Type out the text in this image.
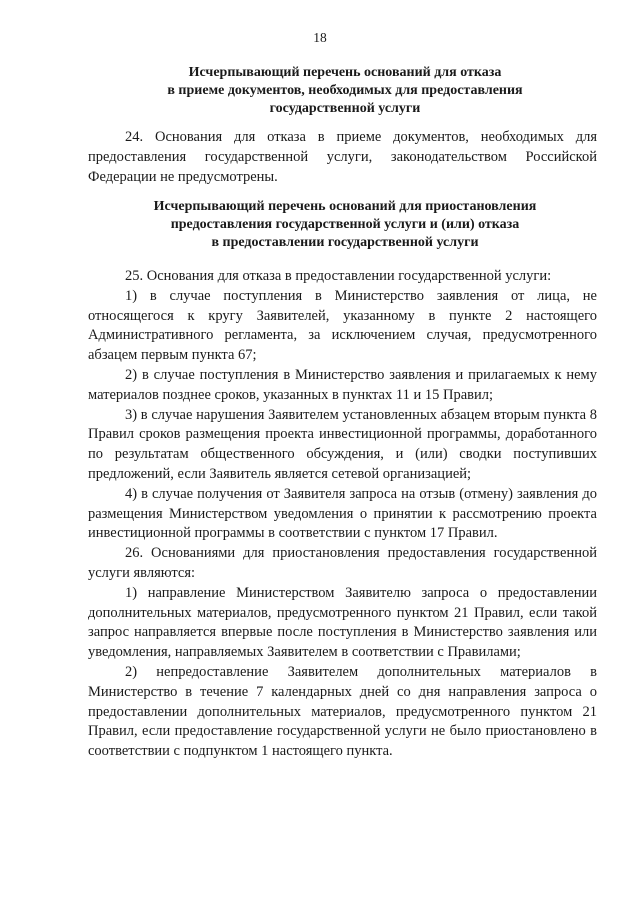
18
Исчерпывающий перечень оснований для отказа
в приеме документов, необходимых для предоставления
государственной услуги

24. Основания для отказа в приеме документов, необходимых для предоставления государственной услуги, законодательством Российской Федерации не предусмотрены.

Исчерпывающий перечень оснований для приостановления
предоставления государственной услуги и (или) отказа
в предоставлении государственной услуги

25. Основания для отказа в предоставлении государственной услуги:

1) в случае поступления в Министерство заявления от лица, не относящегося к кругу Заявителей, указанному в пункте 2 настоящего Административного регламента, за исключением случая, предусмотренного абзацем первым пункта 67;

2) в случае поступления в Министерство заявления и прилагаемых к нему материалов позднее сроков, указанных в пунктах 11 и 15 Правил;

3) в случае нарушения Заявителем установленных абзацем вторым пункта 8 Правил сроков размещения проекта инвестиционной программы, доработанного по результатам общественного обсуждения, и (или) сводки поступивших предложений, если Заявитель является сетевой организацией;

4) в случае получения от Заявителя запроса на отзыв (отмену) заявления до размещения Министерством уведомления о принятии к рассмотрению проекта инвестиционной программы в соответствии с пунктом 17 Правил.

26. Основаниями для приостановления предоставления государственной услуги являются:

1) направление Министерством Заявителю запроса о предоставлении дополнительных материалов, предусмотренного пунктом 21 Правил, если такой запрос направляется впервые после поступления в Министерство заявления или уведомления, направляемых Заявителем в соответствии с Правилами;

2) непредоставление Заявителем дополнительных материалов в Министерство в течение 7 календарных дней со дня направления запроса о предоставлении дополнительных материалов, предусмотренного пунктом 21 Правил, если предоставление государственной услуги не было приостановлено в соответствии с подпунктом 1 настоящего пункта.
